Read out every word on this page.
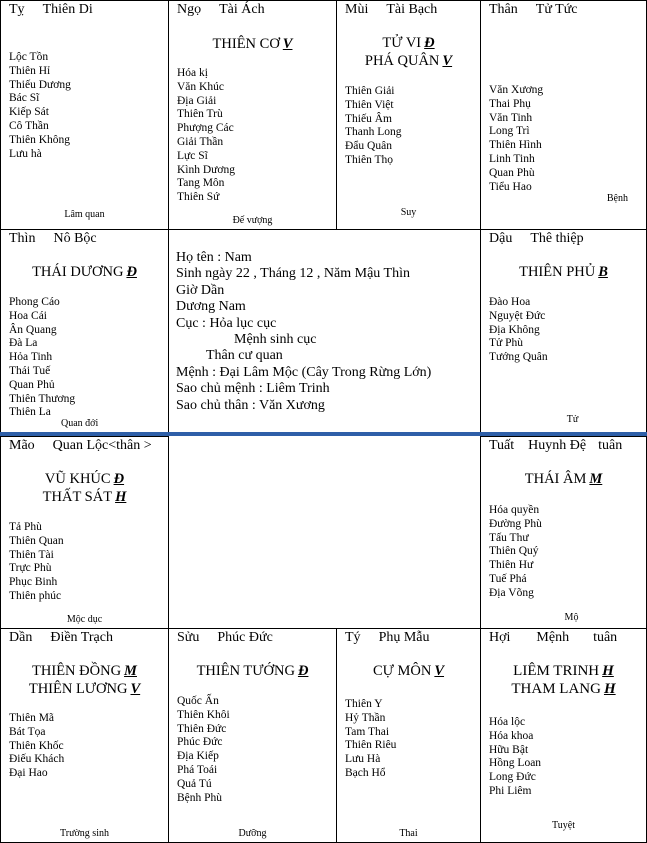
Tỵ Thiên Di
Lộc Tồn
Thiên Hỉ
Thiếu Dương
Bác Sĩ
Kiếp Sát
Cô Thần
Thiên Không
Lưu hà
Lâm quan
Ngọ Tài Ách
THIÊN CƠ V
Hóa kị
Văn Khúc
Địa Giải
Thiên Trù
Phượng Các
Giải Thần
Lực Sĩ
Kình Dương
Tang Môn
Thiên Sứ
Đế vượng
Mùi Tài Bạch
TỬ VI Đ
PHÁ QUÂN V
Thiên Giải
Thiên Việt
Thiếu Âm
Thanh Long
Đẩu Quân
Thiên Thọ
Suy
Thân Tử Tức
Văn Xương
Thai Phụ
Văn Tinh
Long Trì
Thiên Hình
Linh Tinh
Quan Phù
Tiểu Hao
Bệnh
Thìn Nô Bộc
THÁI DƯƠNG Đ
Phong Cáo
Hoa Cái
Ân Quang
Đà La
Hỏa Tinh
Thái Tuế
Quan Phủ
Thiên Thương
Thiên La
Quan đới
Dậu Thê thiệp
THIÊN PHỦ B
Đào Hoa
Nguyệt Đức
Địa Không
Tử Phù
Tướng Quân
Tử
Họ tên : Nam
Sinh ngày 22 , Tháng 12 , Năm Mậu Thìn
Giờ Dần
Dương Nam
Cục : Hỏa lục cục
Mệnh sinh cục
Thân cư quan
Mệnh : Đại Lâm Mộc (Cây Trong Rừng Lớn)
Sao chủ mệnh : Liêm Trinh
Sao chủ thân : Văn Xương
Mão Quan Lộc<thân >
VŨ KHÚC Đ
THẤT SÁT H
Tả Phù
Thiên Quan
Thiên Tài
Trực Phù
Phục Binh
Thiên phúc
Mộc dục
Tuất Huynh Đệ tuân
THÁI ÂM M
Hóa quyền
Đường Phù
Tấu Thư
Thiên Quý
Thiên Hư
Tuế Phá
Địa Võng
Mộ
Dần Điền Trạch
THIÊN ĐỒNG M
THIÊN LƯƠNG V
Thiên Mã
Bát Tọa
Thiên Khốc
Điếu Khách
Đại Hao
Trường sinh
Sửu Phúc Đức
THIÊN TƯỚNG Đ
Quốc Ấn
Thiên Khôi
Thiên Đức
Phúc Đức
Địa Kiếp
Phá Toái
Quả Tú
Bệnh Phù
Dưỡng
Tý Phụ Mẫu
CỰ MÔN V
Thiên Y
Hỷ Thần
Tam Thai
Thiên Riêu
Lưu Hà
Bạch Hổ
Thai
Hợi Mệnh tuân
LIÊM TRINH H
THAM LANG H
Hóa lộc
Hóa khoa
Hữu Bật
Hồng Loan
Long Đức
Phi Liêm
Tuyệt
